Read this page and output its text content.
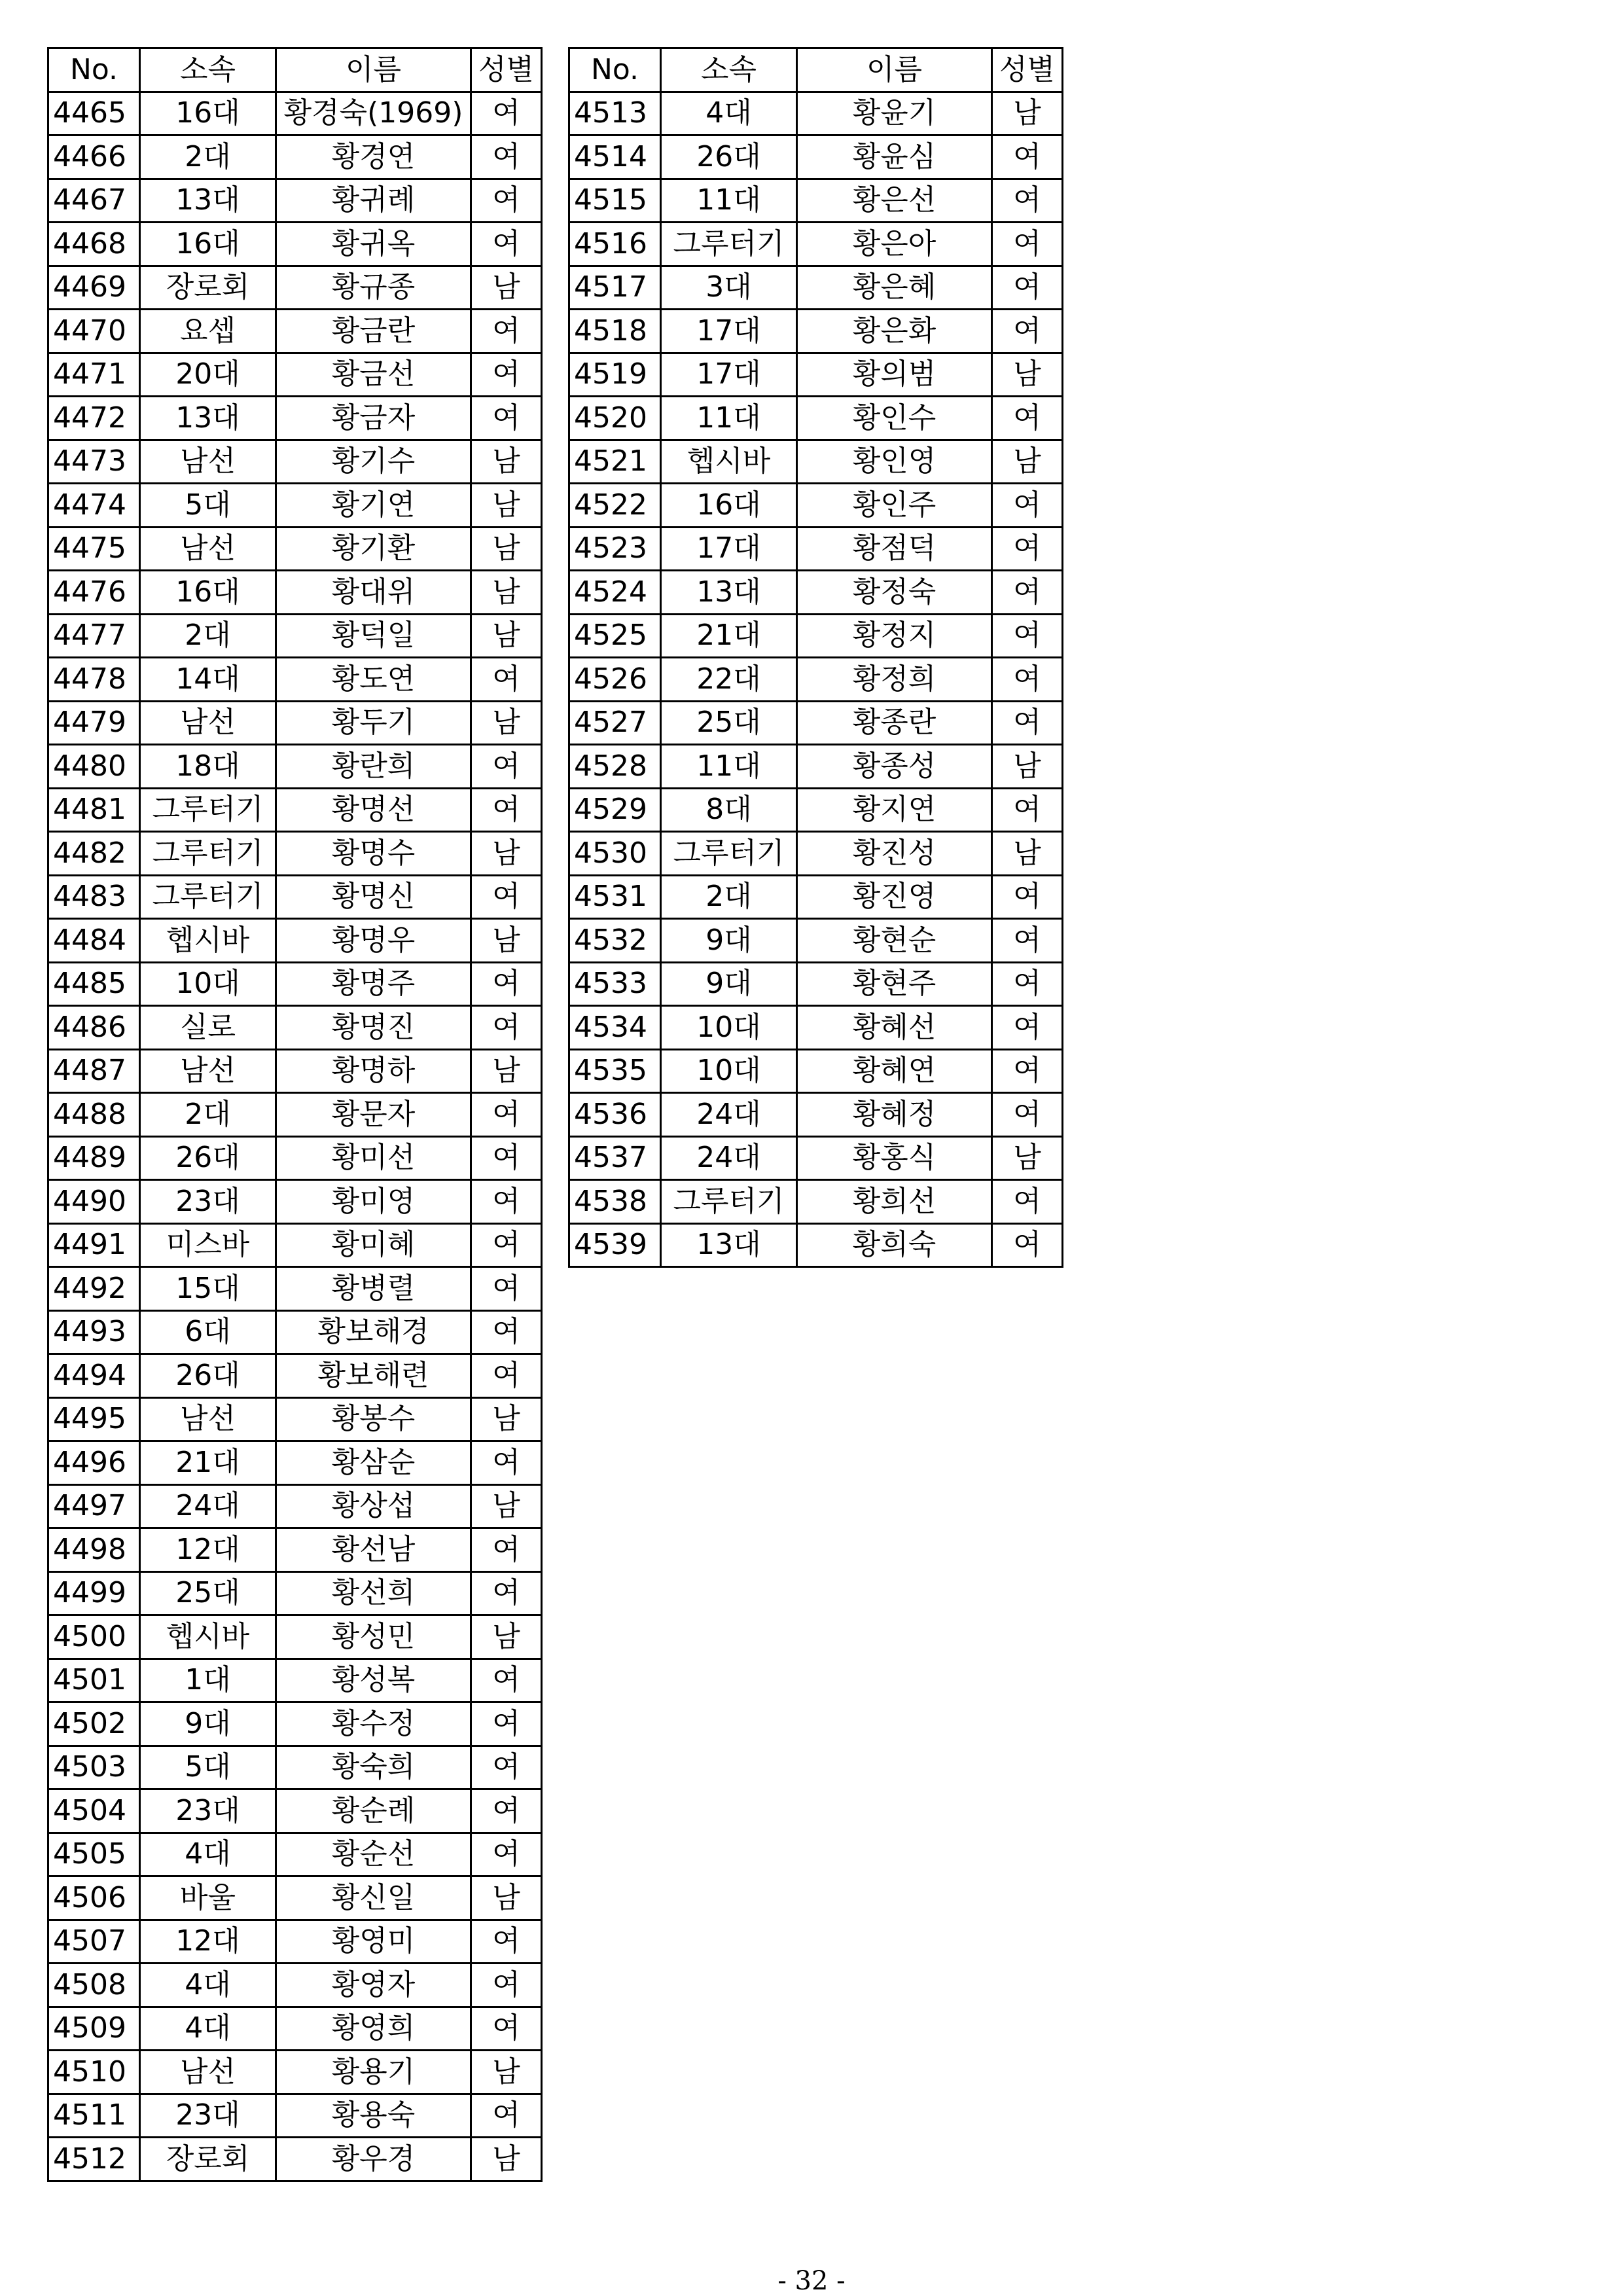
No.	소속	이름	성별
4465	16대	황경숙(1969)	여
4466	2대	황경연	여
4467	13대	황귀례	여
4468	16대	황귀옥	여
4469	장로회	황규종	남
4470	요셉	황금란	여
4471	20대	황금선	여
4472	13대	황금자	여
4473	남선	황기수	남
4474	5대	황기연	남
4475	남선	황기환	남
4476	16대	황대위	남
4477	2대	황덕일	남
4478	14대	황도연	여
4479	남선	황두기	남
4480	18대	황란희	여
4481	그루터기	황명선	여
4482	그루터기	황명수	남
4483	그루터기	황명신	여
4484	헵시바	황명우	남
4485	10대	황명주	여
4486	실로	황명진	여
4487	남선	황명하	남
4488	2대	황문자	여
4489	26대	황미선	여
4490	23대	황미영	여
4491	미스바	황미혜	여
4492	15대	황병렬	여
4493	6대	황보해경	여
4494	26대	황보해련	여
4495	남선	황봉수	남
4496	21대	황삼순	여
4497	24대	황상섭	남
4498	12대	황선남	여
4499	25대	황선희	여
4500	헵시바	황성민	남
4501	1대	황성복	여
4502	9대	황수정	여
4503	5대	황숙희	여
4504	23대	황순례	여
4505	4대	황순선	여
4506	바울	황신일	남
4507	12대	황영미	여
4508	4대	황영자	여
4509	4대	황영희	여
4510	남선	황용기	남
4511	23대	황용숙	여
4512	장로회	황우경	남
No.	소속	이름	성별
4513	4대	황윤기	남
4514	26대	황윤심	여
4515	11대	황은선	여
4516	그루터기	황은아	여
4517	3대	황은혜	여
4518	17대	황은화	여
4519	17대	황의범	남
4520	11대	황인수	여
4521	헵시바	황인영	남
4522	16대	황인주	여
4523	17대	황점덕	여
4524	13대	황정숙	여
4525	21대	황정지	여
4526	22대	황정희	여
4527	25대	황종란	여
4528	11대	황종성	남
4529	8대	황지연	여
4530	그루터기	황진성	남
4531	2대	황진영	여
4532	9대	황현순	여
4533	9대	황현주	여
4534	10대	황혜선	여
4535	10대	황혜연	여
4536	24대	황혜정	여
4537	24대	황홍식	남
4538	그루터기	황희선	여
4539	13대	황희숙	여
- 32 -
